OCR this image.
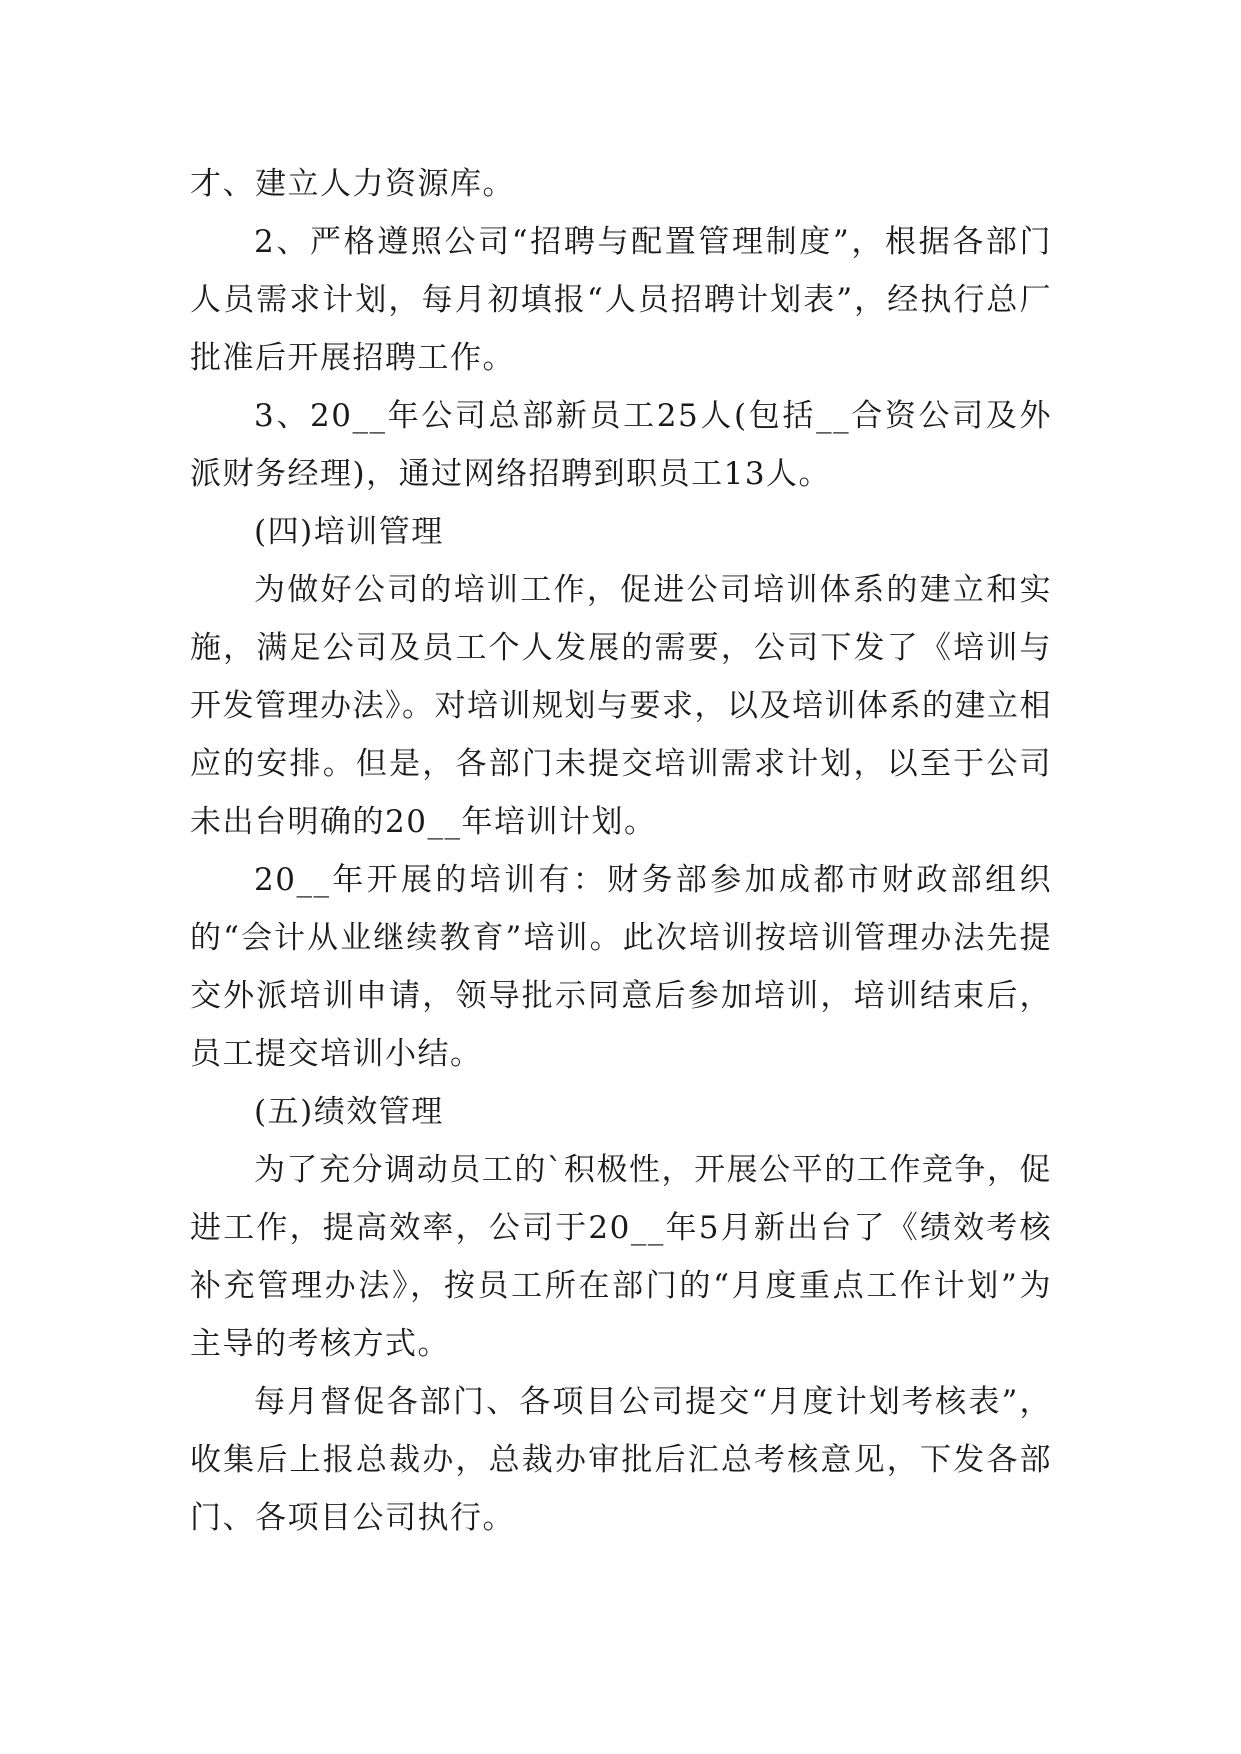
才、建立人力资源库。

2、严格遵照公司“招聘与配置管理制度”，根据各部门人员需求计划，每月初填报“人员招聘计划表”，经执行总厂批准后开展招聘工作。

3、20__年公司总部新员工25人(包括__合资公司及外派财务经理)，通过网络招聘到职员工13人。

(四)培训管理

为做好公司的培训工作，促进公司培训体系的建立和实施，满足公司及员工个人发展的需要，公司下发了《培训与开发管理办法》。对培训规划与要求，以及培训体系的建立相应的安排。但是，各部门未提交培训需求计划，以至于公司未出台明确的20__年培训计划。

20__年开展的培训有：财务部参加成都市财政部组织的“会计从业继续教育”培训。此次培训按培训管理办法先提交外派培训申请，领导批示同意后参加培训，培训结束后，员工提交培训小结。

(五)绩效管理

为了充分调动员工的`积极性，开展公平的工作竞争，促进工作，提高效率，公司于20__年5月新出台了《绩效考核补充管理办法》，按员工所在部门的“月度重点工作计划”为主导的考核方式。

每月督促各部门、各项目公司提交“月度计划考核表”，收集后上报总裁办，总裁办审批后汇总考核意见，下发各部门、各项目公司执行。
